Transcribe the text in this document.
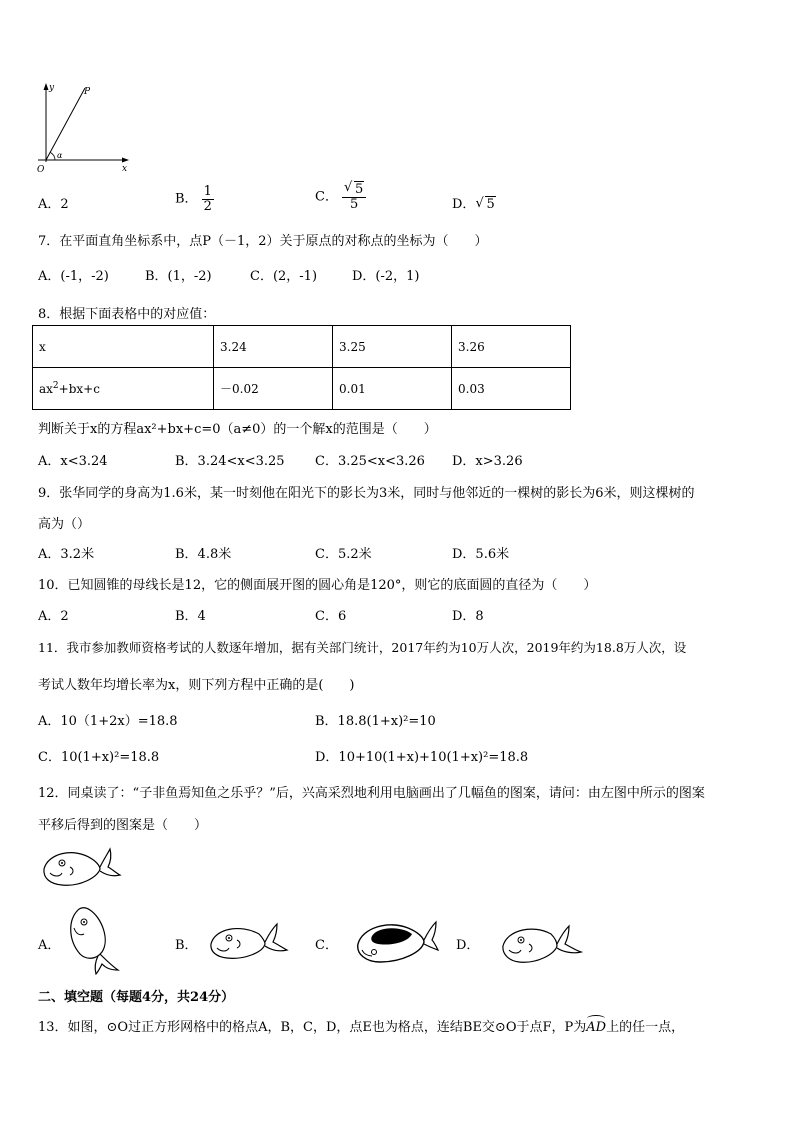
y	P
O
α
x
A．2	B． $\frac{1}{2}$	C． √ $\frac{5}{5}$	D． √ 5
7．在平面直角坐标系中，点P（－1，2）关于原点的对称点的坐标为（　　）
A．(-1，-2)	B．(1，-2)	C．(2，-1)	D．(-2，1)
8．根据下面表格中的对应值：
x	3.24	3.25	3.26
$ax^2+bx+c$	－0.02	0.01	0.03
判断关于x的方程ax²+bx+c=0（a≠0）的一个解x的范围是（　　）
A．x<3.24	B．3.24<x<3.25 C．3.25<x<3.26 D．x>3.26
9．张华同学的身高为1.6米，某一时刻他在阳光下的影长为3米，同时与他邻近的一棵树的影长为6米，则这棵树的
高为（）
A．3.2米	B．4.8米	C．5.2米	D．5.6米
10．已知圆锥的母线长是12，它的侧面展开图的圆心角是120°，则它的底面圆的直径为（　　）
A．2	B．4	C．6	D．8
11．我市参加教师资格考试的人数逐年增加，据有关部门统计，2017年约为10万人次，2019年约为18.8万人次，设
考试人数年均增长率为x，则下列方程中正确的是(　　)
A．10（1+2x）=18.8	B．18.8(1+x)²=10
C．10(1+x)²=18.8	D．10+10(1+x)+10(1+x)²=18.8
12．同桌读了：“子非鱼焉知鱼之乐乎？”后，兴高采烈地利用电脑画出了几幅鱼的图案，请问：由左图中所示的图案
平移后得到的图案是（　　）
A．	B．	C．	D．
二、填空题（每题4分，共24分）
13．如图，⊙O过正方形网格中的格点A，B，C，D，点E也为格点，连结BE交⊙O于点F，P为
AD上的任一点，
